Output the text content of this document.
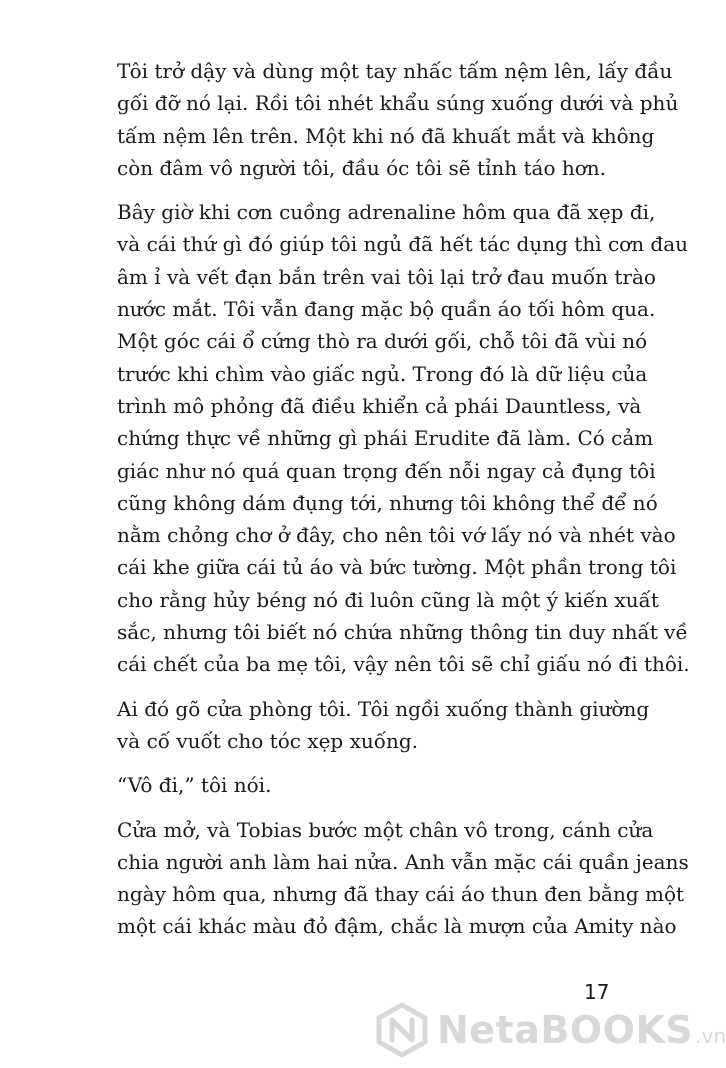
Tôi trở dậy và dùng một tay nhấc tấm nệm lên, lấy đầu
gối đỡ nó lại. Rồi tôi nhét khẩu súng xuống dưới và phủ
tấm nệm lên trên. Một khi nó đã khuất mắt và không
còn đâm vô người tôi, đầu óc tôi sẽ tỉnh táo hơn.
Bây giờ khi cơn cuồng adrenaline hôm qua đã xẹp đi,
và cái thứ gì đó giúp tôi ngủ đã hết tác dụng thì cơn đau
âm ỉ và vết đạn bắn trên vai tôi lại trở đau muốn trào
nước mắt. Tôi vẫn đang mặc bộ quần áo tối hôm qua.
Một góc cái ổ cứng thò ra dưới gối, chỗ tôi đã vùi nó
trước khi chìm vào giấc ngủ. Trong đó là dữ liệu của
trình mô phỏng đã điều khiển cả phái Dauntless, và
chứng thực về những gì phái Erudite đã làm. Có cảm
giác như nó quá quan trọng đến nỗi ngay cả đụng tôi
cũng không dám đụng tới, nhưng tôi không thể để nó
nằm chỏng chơ ở đây, cho nên tôi vớ lấy nó và nhét vào
cái khe giữa cái tủ áo và bức tường. Một phần trong tôi
cho rằng hủy béng nó đi luôn cũng là một ý kiến xuất
sắc, nhưng tôi biết nó chứa những thông tin duy nhất về
cái chết của ba mẹ tôi, vậy nên tôi sẽ chỉ giấu nó đi thôi.
Ai đó gõ cửa phòng tôi. Tôi ngồi xuống thành giường
và cố vuốt cho tóc xẹp xuống.
“Vô đi,” tôi nói.
Cửa mở, và Tobias bước một chân vô trong, cánh cửa
chia người anh làm hai nửa. Anh vẫn mặc cái quần jeans
ngày hôm qua, nhưng đã thay cái áo thun đen bằng một
một cái khác màu đỏ đậm, chắc là mượn của Amity nào
17
NetaBOOKS .vn
